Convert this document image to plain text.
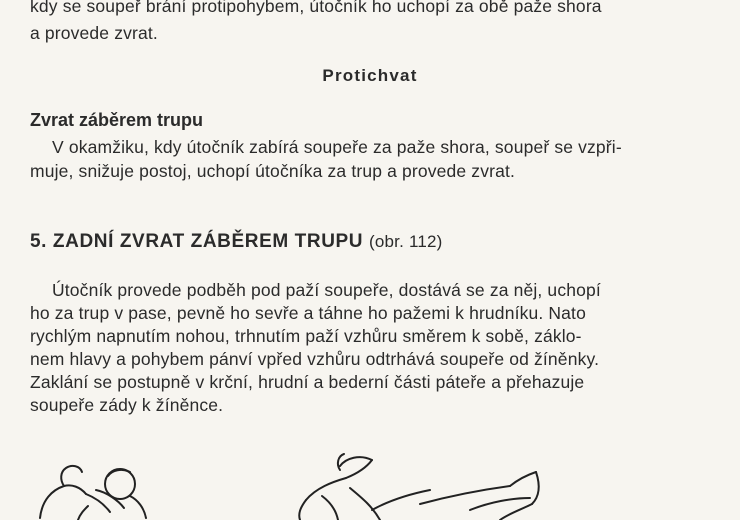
kdy se soupeř brání protipohybem, útočník ho uchopí za obě paže shora
a provede zvrat.
Protichvat
Zvrat záběrem trupu
V okamžiku, kdy útočník zabírá soupeře za paže shora, soupeř se vzpři-
muje, snižuje postoj, uchopí útočníka za trup a provede zvrat.
5. ZADNÍ ZVRAT ZÁBĚREM TRUPU (obr. 112)
Útočník provede podběh pod paží soupeře, dostává se za něj, uchopí
ho za trup v pase, pevně ho sevře a táhne ho pažemi k hrudníku. Nato
rychlým napnutím nohou, trhnutím paží vzhůru směrem k sobě, záklo-
nem hlavy a pohybem pánví vpřed vzhůru odtrhává soupeře od žíněnky.
Zaklání se postupně v krční, hrudní a bederní části páteře a přehazuje
soupeře zády k žíněnce.
